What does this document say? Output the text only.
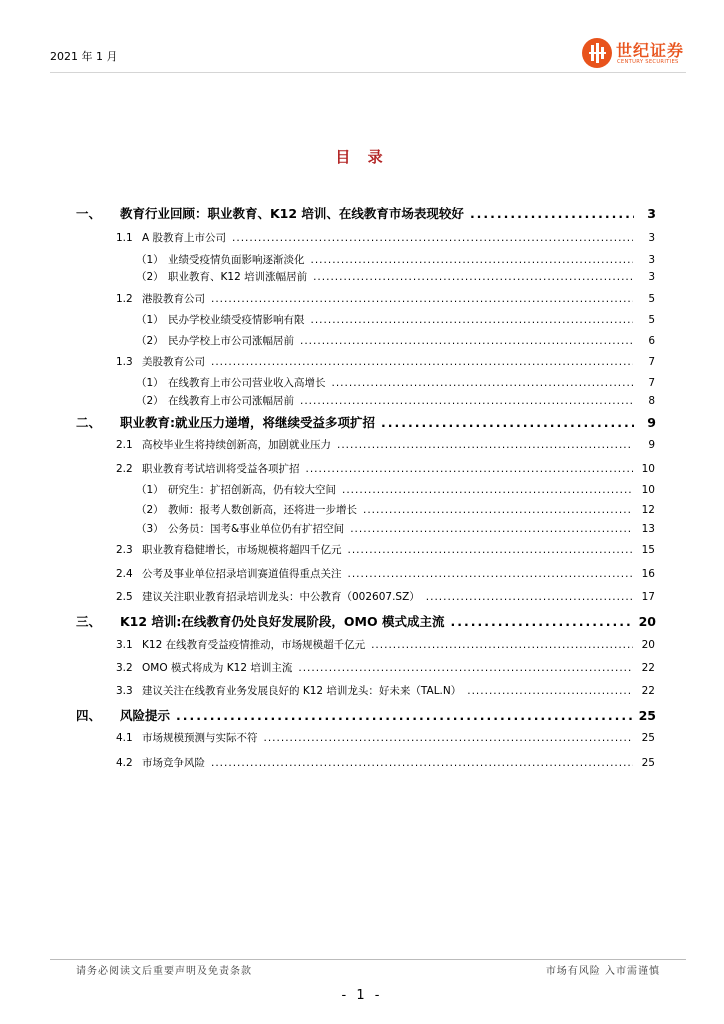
2021 年 1 月	世纪证券
CENTURY SECURITIES
目 录
一、	教育行业回顾：职业教育、K12 培训、在线教育市场表现较好 .....	3
1.1 A 股教育上市公司 .....	3
（1） 业绩受疫情负面影响逐渐淡化 .....	3
（2） 职业教育、K12 培训涨幅居前 .....	3
1.2 港股教育公司 .....	5
（1） 民办学校业绩受疫情影响有限 .....	5
（2） 民办学校上市公司涨幅居前 .....	6
1.3 美股教育公司 .....	7
（1） 在线教育上市公司营业收入高增长 .....	7
（2） 在线教育上市公司涨幅居前 .....	8
二、	职业教育:就业压力递增，将继续受益多项扩招 .....	9
2.1 高校毕业生将持续创新高，加剧就业压力 .....	9
2.2 职业教育考试培训将受益各项扩招 .....	10
（1） 研究生：扩招创新高，仍有较大空间 .....	10
（2） 教师：报考人数创新高，还将进一步增长 .....	12
（3） 公务员：国考&事业单位仍有扩招空间 .....	13
2.3 职业教育稳健增长，市场规模将超四千亿元 .....	15
2.4 公考及事业单位招录培训赛道值得重点关注 .....	16
2.5 建议关注职业教育招录培训龙头：中公教育（002607.SZ） .....	17
三、	K12 培训:在线教育仍处良好发展阶段，OMO 模式成主流 .....	20
3.1 K12 在线教育受益疫情推动，市场规模超千亿元 .....	20
3.2 OMO 模式将成为 K12 培训主流 .....	22
3.3 建议关注在线教育业务发展良好的 K12 培训龙头：好未来（TAL.N） .....	22
四、	风险提示 .....	25
4.1 市场规模预测与实际不符 .....	25
4.2 市场竞争风险 .....	25
请务必阅读文后重要声明及免责条款	市场有风险 入市需谨慎
- 1 -
